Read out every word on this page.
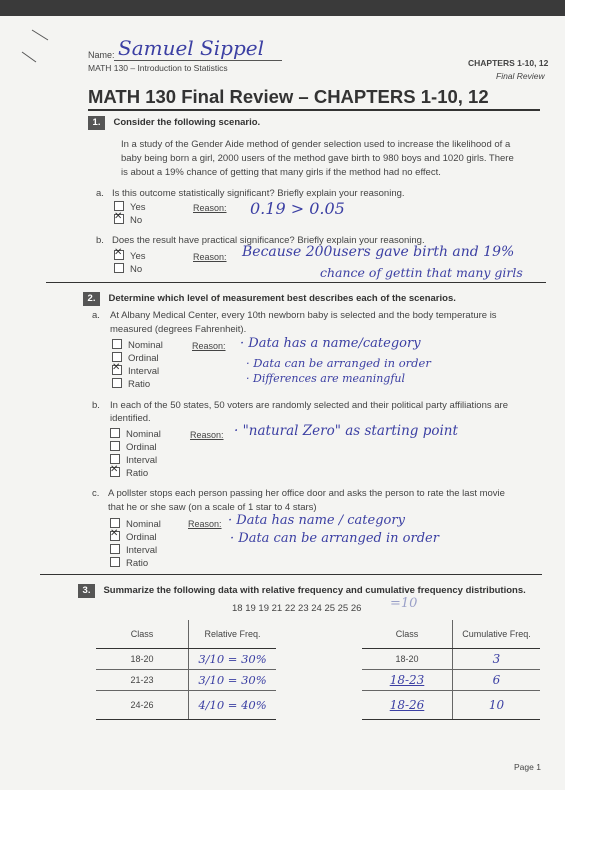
Name: Samuel Sippel
MATH 130 – Introduction to Statistics	CHAPTERS 1-10, 12
Final Review
MATH 130 Final Review – CHAPTERS 1-10, 12
1. Consider the following scenario.
In a study of the Gender Aide method of gender selection used to increase the likelihood of a
baby being born a girl, 2000 users of the method gave birth to 980 boys and 1020 girls. There
is about a 19% chance of getting that many girls if the method had no effect.
a. Is this outcome statistically significant? Briefly explain your reasoning.
Yes
✕No
Reason: 0.19 > 0.05
b. Does the result have practical significance? Briefly explain your reasoning.
✕Yes
No
Reason: Because 200users gave birth and 19%
chance of gettin that many girls
2. Determine which level of measurement best describes each of the scenarios.
a. At Albany Medical Center, every 10th newborn baby is selected and the body temperature is
measured (degrees Fahrenheit).
Nominal
Ordinal
✕Interval
Ratio
Reason: · Data has a name/category
· Data can be arranged in order
· Differences are meaningful
b. In each of the 50 states, 50 voters are randomly selected and their political party affiliations are
identified.
Nominal
Ordinal
Interval
✕Ratio
Reason: · "natural Zero" as starting point
c. A pollster stops each person passing her office door and asks the person to rate the last movie
that he or she saw (on a scale of 1 star to 4 stars)
Nominal
✕Ordinal
Interval
Ratio
Reason: · Data has name / category
· Data can be arranged in order
3. Summarize the following data with relative frequency and cumulative frequency distributions.
18 19 19 21 22 23 24 25 25 26 =10
Class	Relative Freq.
18-20	3/10 = 30%
21-23	3/10 = 30%
24-26	4/10 = 40%
Class	Cumulative Freq.
18-20	3
18-23	6
18-26	10
Page 1
